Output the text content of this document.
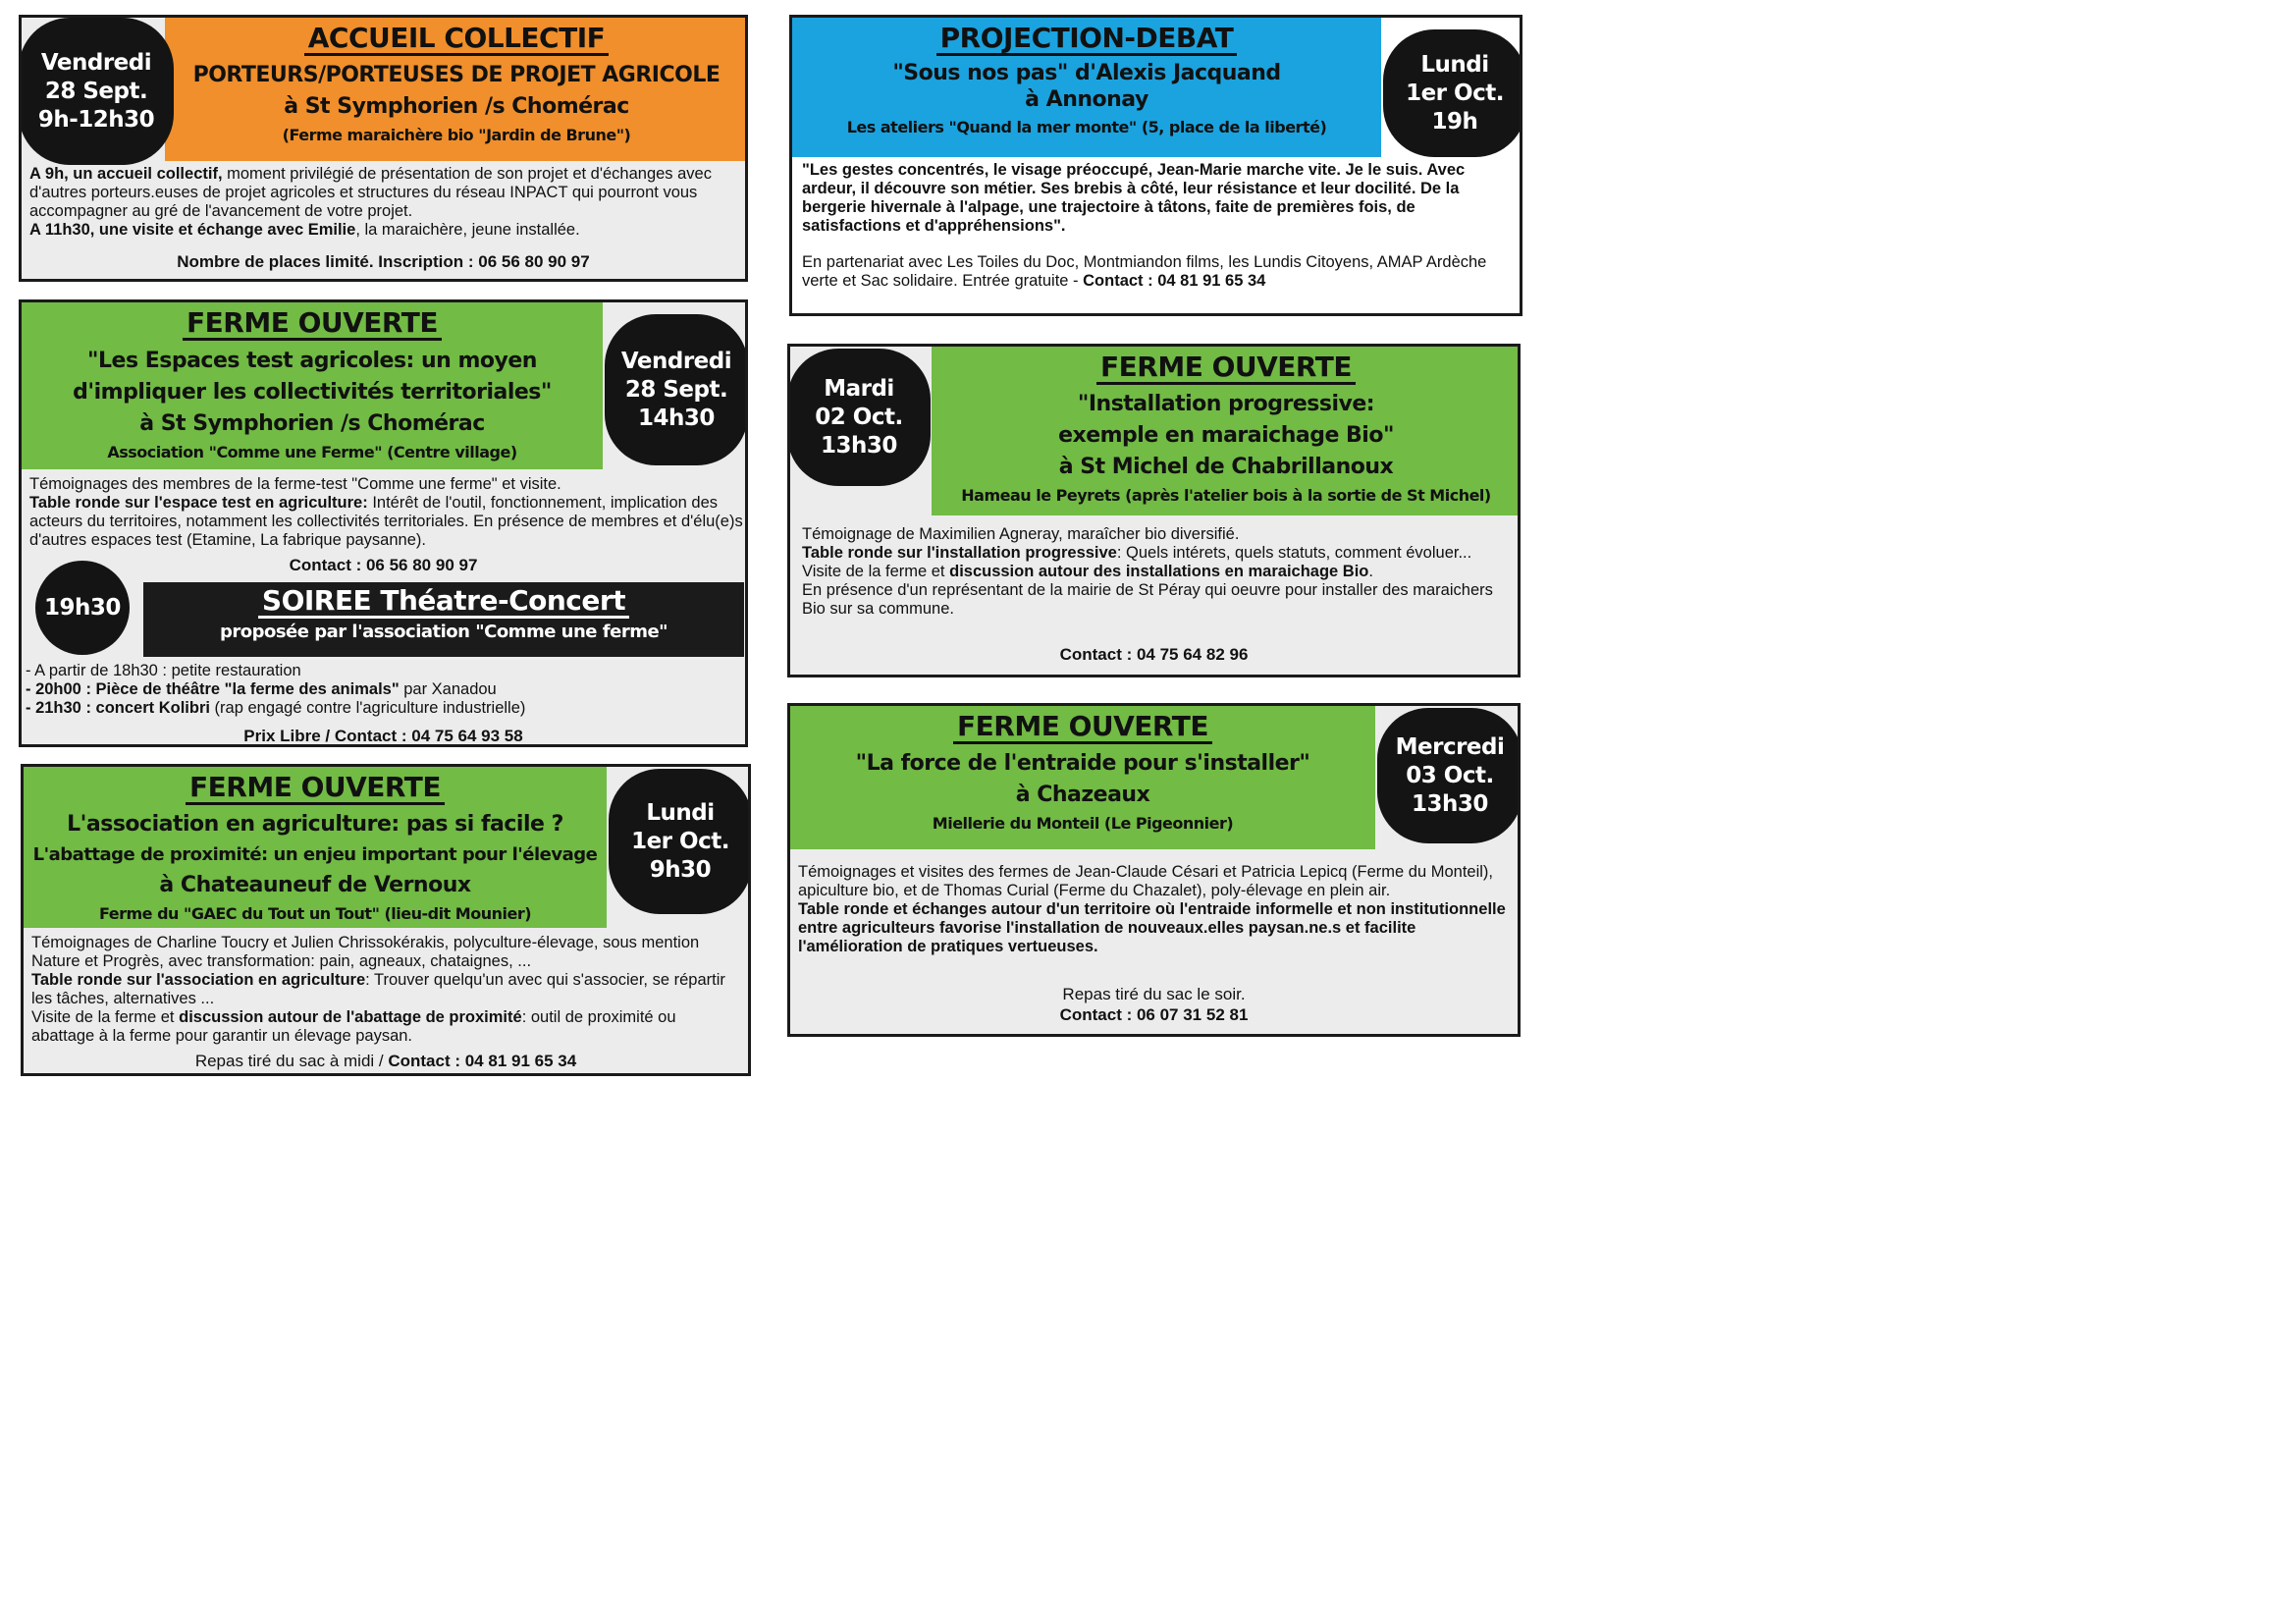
ACCUEIL COLLECTIF
PORTEURS/PORTEUSES DE PROJET AGRICOLE
à St Symphorien /s Chomérac
(Ferme maraichère bio "Jardin de Brune")
Vendredi
28 Sept.
9h-12h30

A 9h, un accueil collectif, moment privilégié de présentation de son projet et d'échanges avec d'autres porteurs.euses de projet agricoles et structures du réseau INPACT qui pourront vous accompagner au gré de l'avancement de votre projet.

A 11h30, une visite et échange avec Emilie, la maraichère, jeune installée.

Nombre de places limité. Inscription : 06 56 80 90 97
FERME OUVERTE
"Les Espaces test agricoles: un moyen
d'impliquer les collectivités territoriales"
à St Symphorien /s Chomérac
Association "Comme une Ferme" (Centre village)
Vendredi
28 Sept.
14h30

Témoignages des membres de la ferme-test "Comme une ferme" et visite.

Table ronde sur l'espace test en agriculture: Intérêt de l'outil, fonctionnement, implication des acteurs du territoires, notamment les collectivités territoriales. En présence de membres et d'élu(e)s d'autres espaces test (Etamine, La fabrique paysanne).

Contact : 06 56 80 90 97
19h30	SOIREE Théatre-Concert
proposée par l'association "Comme une ferme"

- A partir de 18h30 : petite restauration

- 20h00 : Pièce de théâtre "la ferme des animals" par Xanadou

- 21h30 : concert Kolibri (rap engagé contre l'agriculture industrielle)

Prix Libre / Contact : 04 75 64 93 58
FERME OUVERTE
L'association en agriculture: pas si facile ?
L'abattage de proximité: un enjeu important pour l'élevage
à Chateauneuf de Vernoux
Ferme du "GAEC du Tout un Tout" (lieu-dit Mounier)
Lundi
1er Oct.
9h30

Témoignages de Charline Toucry et Julien Chrissokérakis, polyculture-élevage, sous mention Nature et Progrès, avec transformation: pain, agneaux, chataignes, ...

Table ronde sur l'association en agriculture: Trouver quelqu'un avec qui s'associer, se répartir les tâches, alternatives ...

Visite de la ferme et discussion autour de l'abattage de proximité: outil de proximité ou abattage à la ferme pour garantir un élevage paysan.

Repas tiré du sac à midi / Contact : 04 81 91 65 34
PROJECTION-DEBAT
"Sous nos pas" d'Alexis Jacquand
à Annonay
Les ateliers "Quand la mer monte" (5, place de la liberté)
Lundi
1er Oct.
19h

"Les gestes concentrés, le visage préoccupé, Jean-Marie marche vite. Je le suis. Avec ardeur, il découvre son métier. Ses brebis à côté, leur résistance et leur docilité. De la bergerie hivernale à l'alpage, une trajectoire à tâtons, faite de premières fois, de satisfactions et d'appréhensions".

En partenariat avec Les Toiles du Doc, Montmiandon films, les Lundis Citoyens, AMAP Ardèche verte et Sac solidaire. Entrée gratuite - Contact : 04 81 91 65 34

FERME OUVERTE
"Installation progressive:
exemple en maraichage Bio"
à St Michel de Chabrillanoux
Hameau le Peyrets (après l'atelier bois à la sortie de St Michel)
Mardi
02 Oct.
13h30

Témoignage de Maximilien Agneray, maraîcher bio diversifié.

Table ronde sur l'installation progressive: Quels intérets, quels statuts, comment évoluer...

Visite de la ferme et discussion autour des installations en maraichage Bio.

En présence d'un représentant de la mairie de St Péray qui oeuvre pour installer des maraichers Bio sur sa commune.

Contact : 04 75 64 82 96
FERME OUVERTE
"La force de l'entraide pour s'installer"
à Chazeaux
Miellerie du Monteil (Le Pigeonnier)
Mercredi
03 Oct.
13h30

Témoignages et visites des fermes de Jean-Claude Césari et Patricia Lepicq (Ferme du Monteil), apiculture bio, et de Thomas Curial (Ferme du Chazalet), poly-élevage en plein air.

Table ronde et échanges autour d'un territoire où l'entraide informelle et non institutionnelle entre agriculteurs favorise l'installation de nouveaux.elles paysan.ne.s et facilite l'amélioration de pratiques vertueuses.

Repas tiré du sac le soir.
Contact : 06 07 31 52 81
